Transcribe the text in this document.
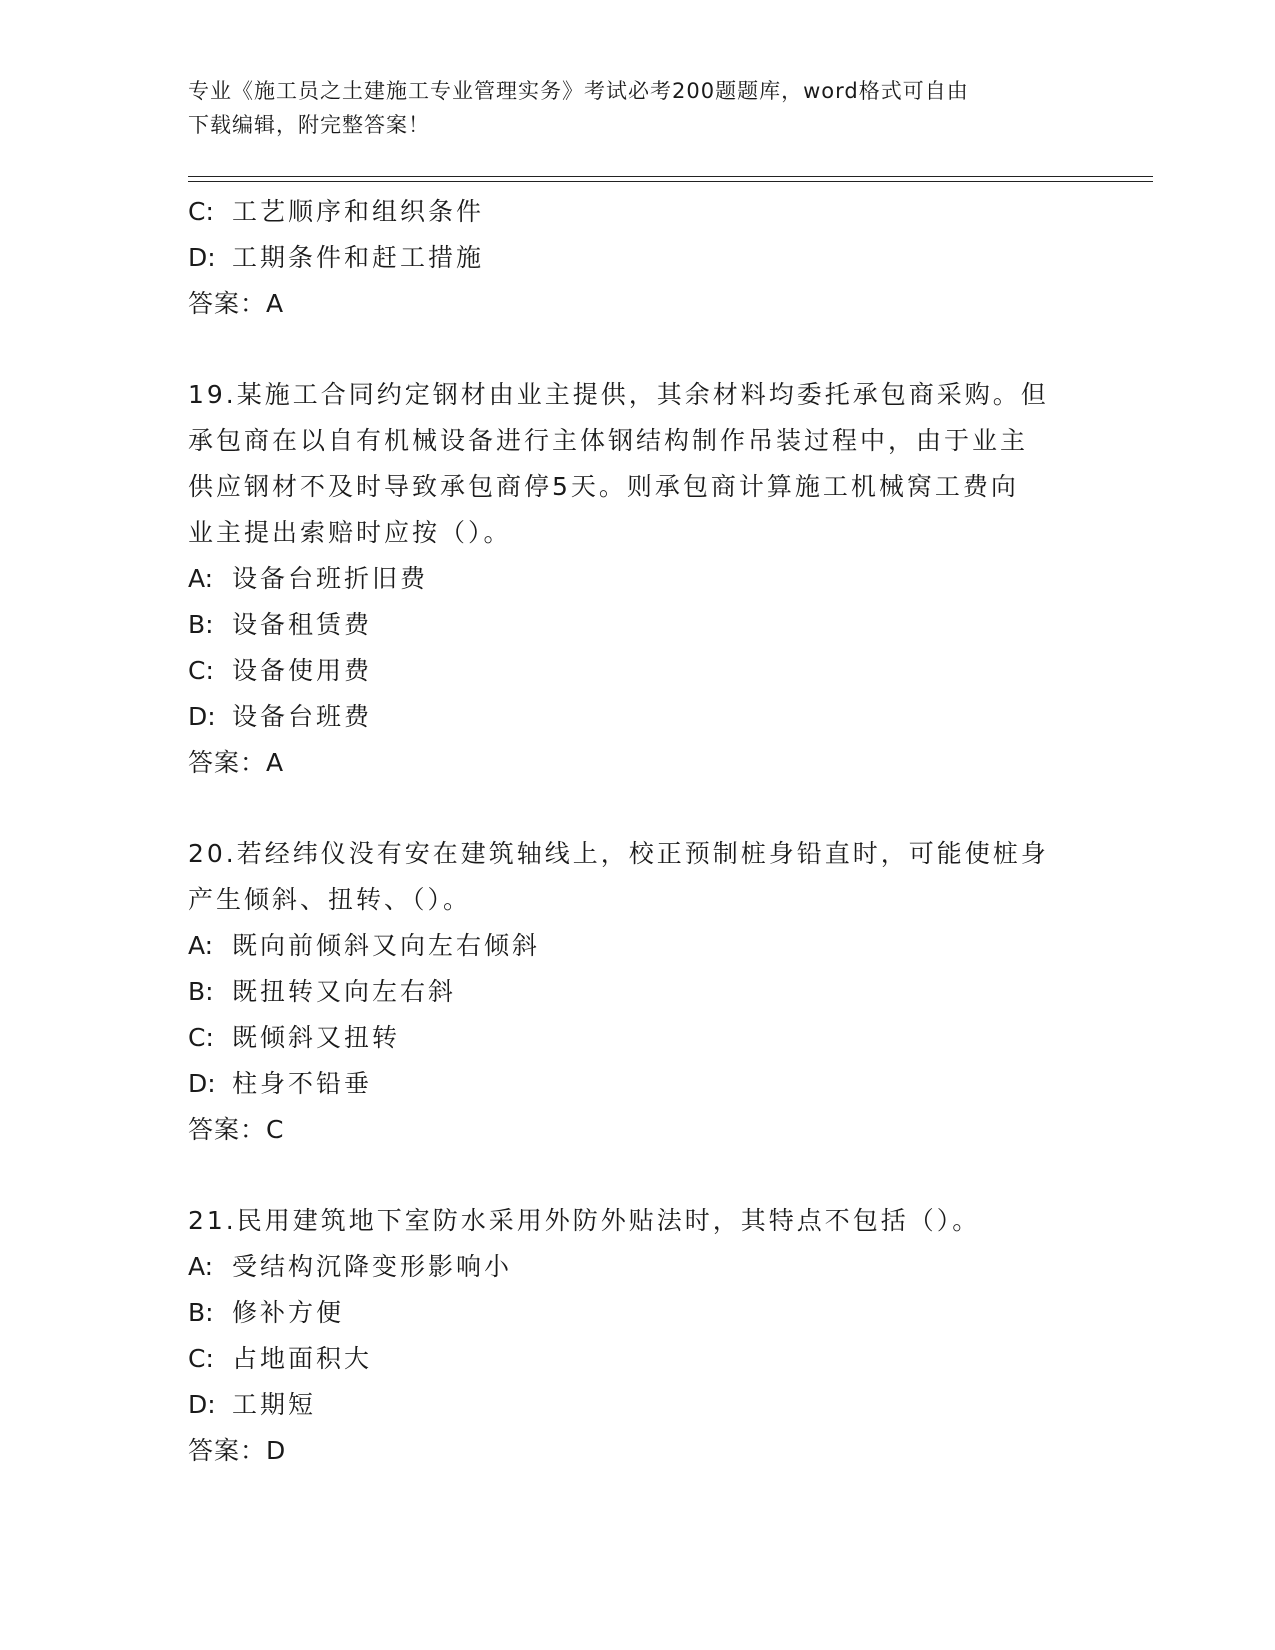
专业《施工员之土建施工专业管理实务》考试必考200题题库，word格式可自由
下载编辑，附完整答案！
C: 工艺顺序和组织条件
D: 工期条件和赶工措施
答案：A
19.某施工合同约定钢材由业主提供，其余材料均委托承包商采购。但
承包商在以自有机械设备进行主体钢结构制作吊装过程中，由于业主
供应钢材不及时导致承包商停5天。则承包商计算施工机械窝工费向
业主提出索赔时应按（）。
A: 设备台班折旧费
B: 设备租赁费
C: 设备使用费
D: 设备台班费
答案：A
20.若经纬仪没有安在建筑轴线上，校正预制桩身铅直时，可能使桩身
产生倾斜、扭转、（）。
A: 既向前倾斜又向左右倾斜
B: 既扭转又向左右斜
C: 既倾斜又扭转
D: 柱身不铅垂
答案：C
21.民用建筑地下室防水采用外防外贴法时，其特点不包括（）。
A: 受结构沉降变形影响小
B: 修补方便
C: 占地面积大
D: 工期短
答案：D
